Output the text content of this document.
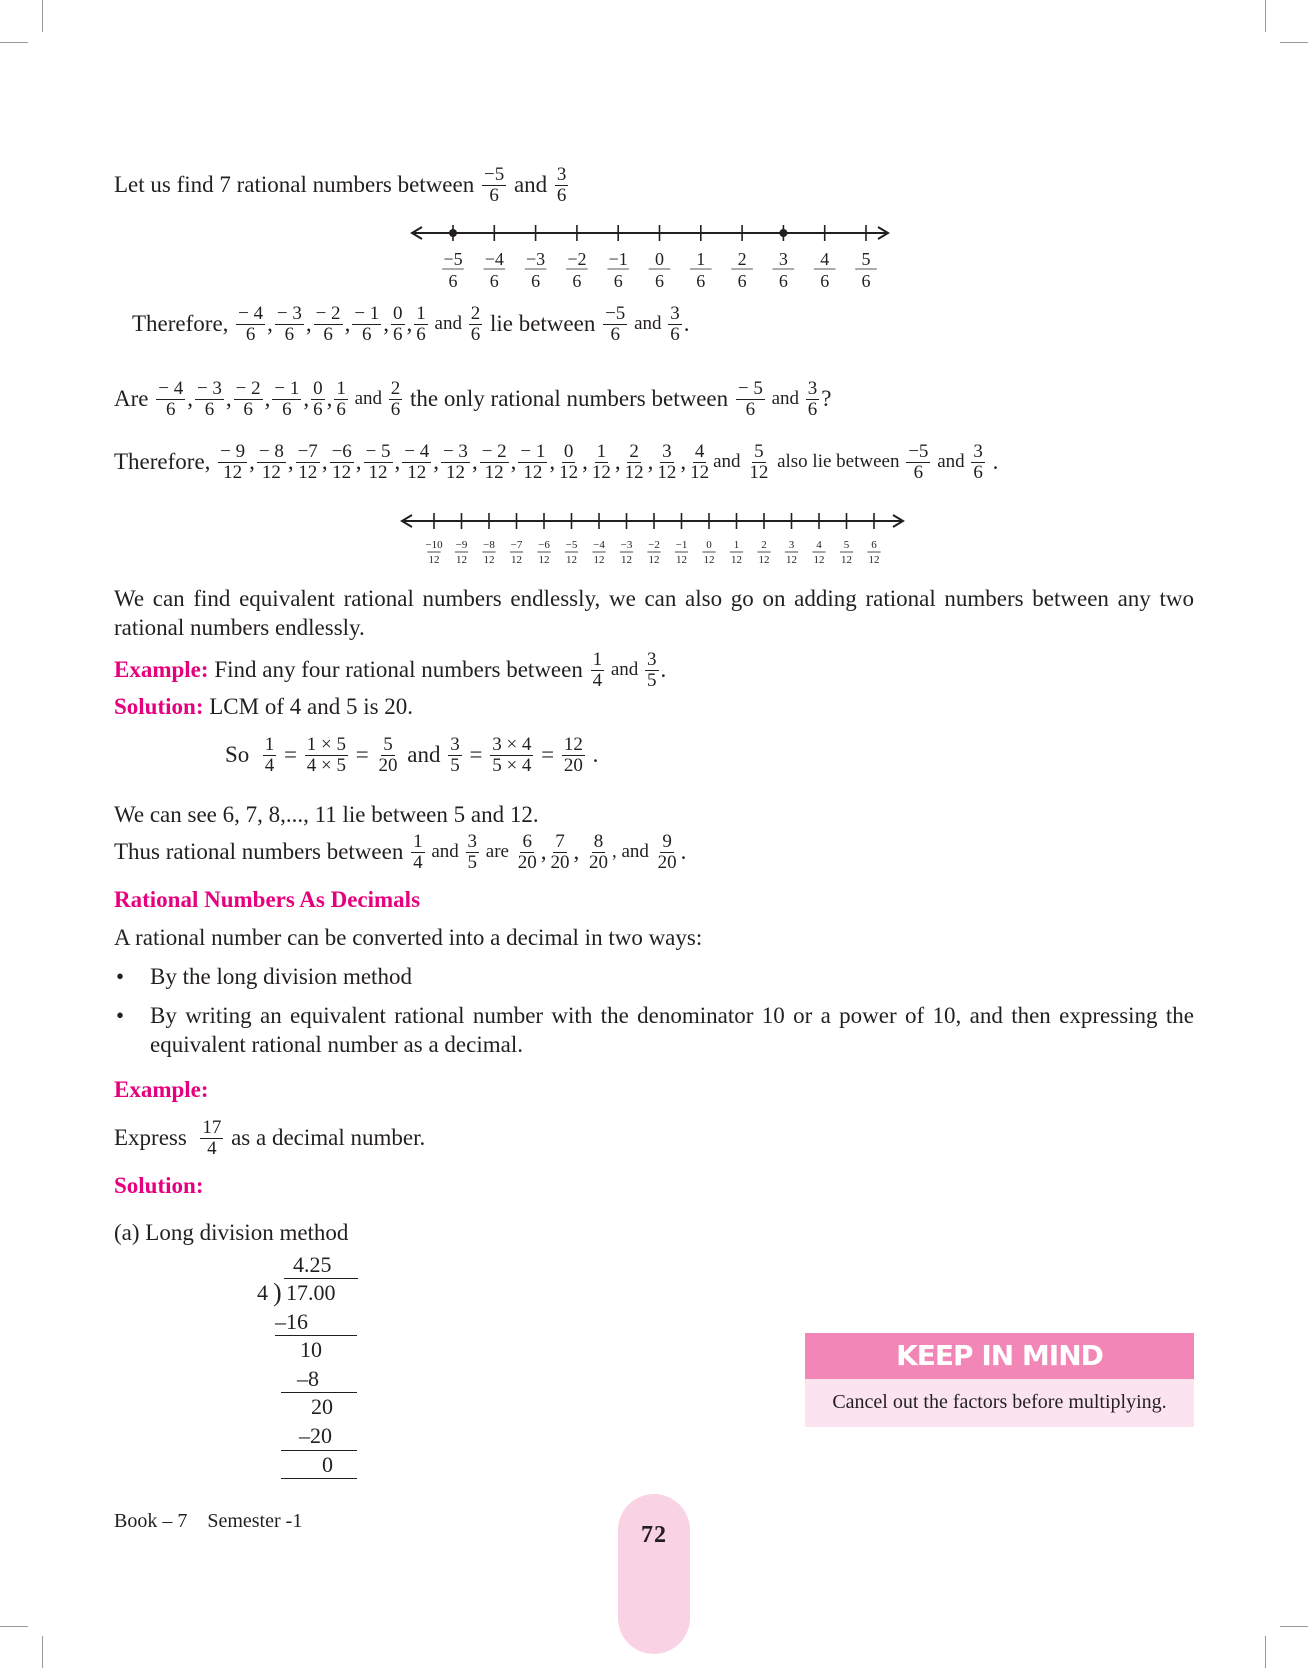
Let us find 7 rational numbers between $\frac{-5}{6}$ and $\frac{3}{6}$
−5
6
−4
6
−3
6
−2
6
−1
6
0
6
1
6
2
6
3
6
4
6
5
6
Therefore, $\frac{- 4}{6}$ , $\frac{- 3}{6}$ , $\frac{- 2}{6}$ , $\frac{- 1}{6}$ , $\frac{0}{6}$ , $\frac{1}{6}$ and $\frac{2}{6}$ lie between $\frac{-5}{6}$ and $\frac{3}{6}$ .
Are $\frac{- 4}{6}$ , $\frac{- 3}{6}$ , $\frac{- 2}{6}$ , $\frac{- 1}{6}$ , $\frac{0}{6}$ , $\frac{1}{6}$ and $\frac{2}{6}$ the only rational numbers between $\frac{- 5}{6}$ and $\frac{3}{6}$ ?
Therefore, $\frac{- 9}{12}$ , $\frac{- 8}{12}$ , $\frac{-7}{12}$ , $\frac{-6}{12}$ , $\frac{- 5}{12}$ , $\frac{- 4}{12}$ , $\frac{- 3}{12}$ , $\frac{- 2}{12}$ , $\frac{- 1}{12}$ , $\frac{0}{12}$ , $\frac{1}{12}$ , $\frac{2}{12}$ , $\frac{3}{12}$ , $\frac{4}{12}$ and $\frac{5}{12}$ also lie between $\frac{-5}{6}$ and $\frac{3}{6}$ .
−10
12
−9
12
−8
12
−7
12
−6
12
−5
12
−4
12
−3
12
−2
12
−1
12
0
12
1
12
2
12
3
12
4
12
5
12
6
12
We can find equivalent rational numbers endlessly, we can also go on adding rational numbers between any two rational numbers endlessly.
Example: Find any four rational numbers between $\frac{1}{4}$ and $\frac{3}{5}$ .
Solution: LCM of 4 and 5 is 20.
So $\frac{1}{4} = \frac{1 \times 5}{4 \times 5} = \frac{5}{20}$ and $\frac{3}{5} = \frac{3 \times 4}{5 \times 4} = \frac{12}{20}$ .
We can see 6, 7, 8,..., 11 lie between 5 and 12.
Thus rational numbers between $\frac{1}{4}$ and $\frac{3}{5}$ are $\frac{6}{20}$ , $\frac{7}{20}$ , $\frac{8}{20}$ , and $\frac{9}{20}$ .
Rational Numbers As Decimals
A rational number can be converted into a decimal in two ways:
• By the long division method
• By writing an equivalent rational number with the denominator 10 or a power of 10, and then expressing the equivalent rational number as a decimal.
Example:
Express $\frac{17}{4}$ as a decimal number.
Solution:
(a) Long division method
4.25
4 ) 17.00
–16
10
–8
20
–20
0
KEEP IN MIND
Cancel out the factors before multiplying.
Book – 7 Semester -1
72
